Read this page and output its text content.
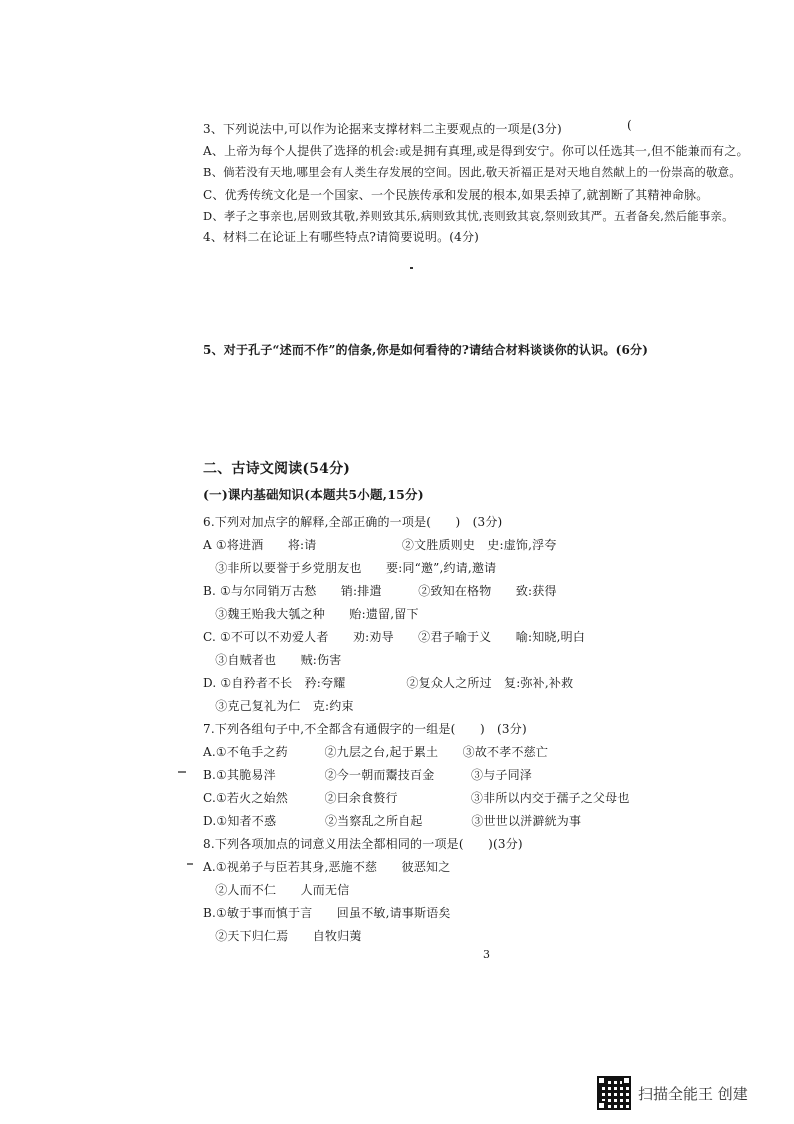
3、下列说法中,可以作为论据来支撑材料二主要观点的一项是(3分)	(
A、上帝为每个人提供了选择的机会:或是拥有真理,或是得到安宁。你可以任选其一,但不能兼而有之。
B、倘若没有天地,哪里会有人类生存发展的空间。因此,敬天祈福正是对天地自然献上的一份崇高的敬意。
C、优秀传统文化是一个国家、一个民族传承和发展的根本,如果丢掉了,就割断了其精神命脉。
D、孝子之事亲也,居则致其敬,养则致其乐,病则致其忧,丧则致其哀,祭则致其严。五者备矣,然后能事亲。
4、材料二在论证上有哪些特点?请简要说明。(4分)
5、对于孔子“述而不作”的信条,你是如何看待的?请结合材料谈谈你的认识。(6分)
二、古诗文阅读(54分)
(一)课内基础知识(本题共5小题,15分)
6.下列对加点字的解释,全部正确的一项是(　　)　(3分)
A ①将进酒　　将:请　　　　　　　②文胜质则史　史:虚饰,浮夸
　③非所以要誉于乡党朋友也　　要:同“邀”,约请,邀请
B. ①与尔同销万古愁　　销:排遣　　　②致知在格物　　致:获得
　③魏王贻我大瓠之种　　贻:遗留,留下
C. ①不可以不劝爱人者　　劝:劝导　　②君子喻于义　　喻:知晓,明白
　③自贼者也　　贼:伤害
D. ①自矜者不长　矜:夸耀　　　　　②复众人之所过　复:弥补,补救
　③克己复礼为仁　克:约束
7.下列各组句子中,不全都含有通假字的一组是(　　)　(3分)
A.①不龟手之药　　　②九层之台,起于累土　　③故不孝不慈亡
B.①其脆易泮　　　　②今一朝而鬻技百金　　　③与子同泽
C.①若火之始然　　　②曰余食赘行　　　　　　③非所以内交于孺子之父母也
D.①知者不惑　　　　②当察乱之所自起　　　　③世世以洴澼絖为事
8.下列各项加点的词意义用法全都相同的一项是(　　)(3分)
A.①视弟子与臣若其身,恶施不慈　　彼恶知之
　②人而不仁　　人而无信
B.①敏于事而慎于言　　回虽不敏,请事斯语矣
　②天下归仁焉　　自牧归荑
3
扫描全能王 创建
